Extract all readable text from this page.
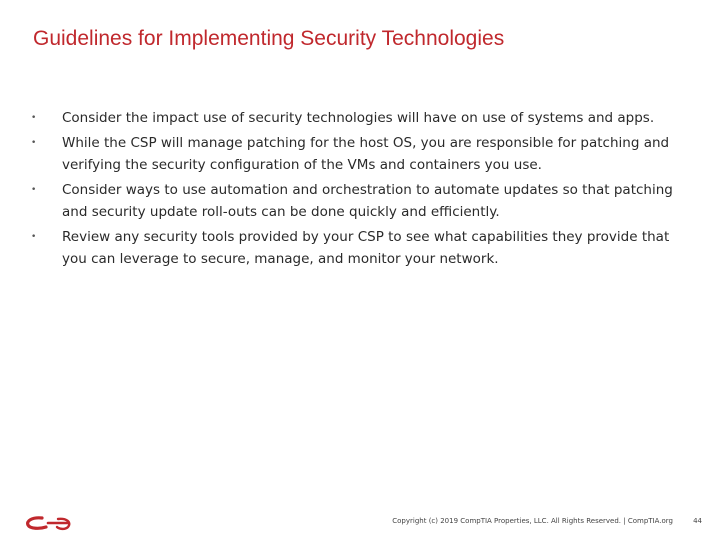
Guidelines for Implementing Security Technologies
• Consider the impact use of security technologies will have on use of systems and apps.
• While the CSP will manage patching for the host OS, you are responsible for patching and verifying the security configuration of the VMs and containers you use.
• Consider ways to use automation and orchestration to automate updates so that patching and security update roll-outs can be done quickly and efficiently.
• Review any security tools provided by your CSP to see what capabilities they provide that you can leverage to secure, manage, and monitor your network.
Copyright (c) 2019 CompTIA Properties, LLC. All Rights Reserved. | CompTIA.org	44
